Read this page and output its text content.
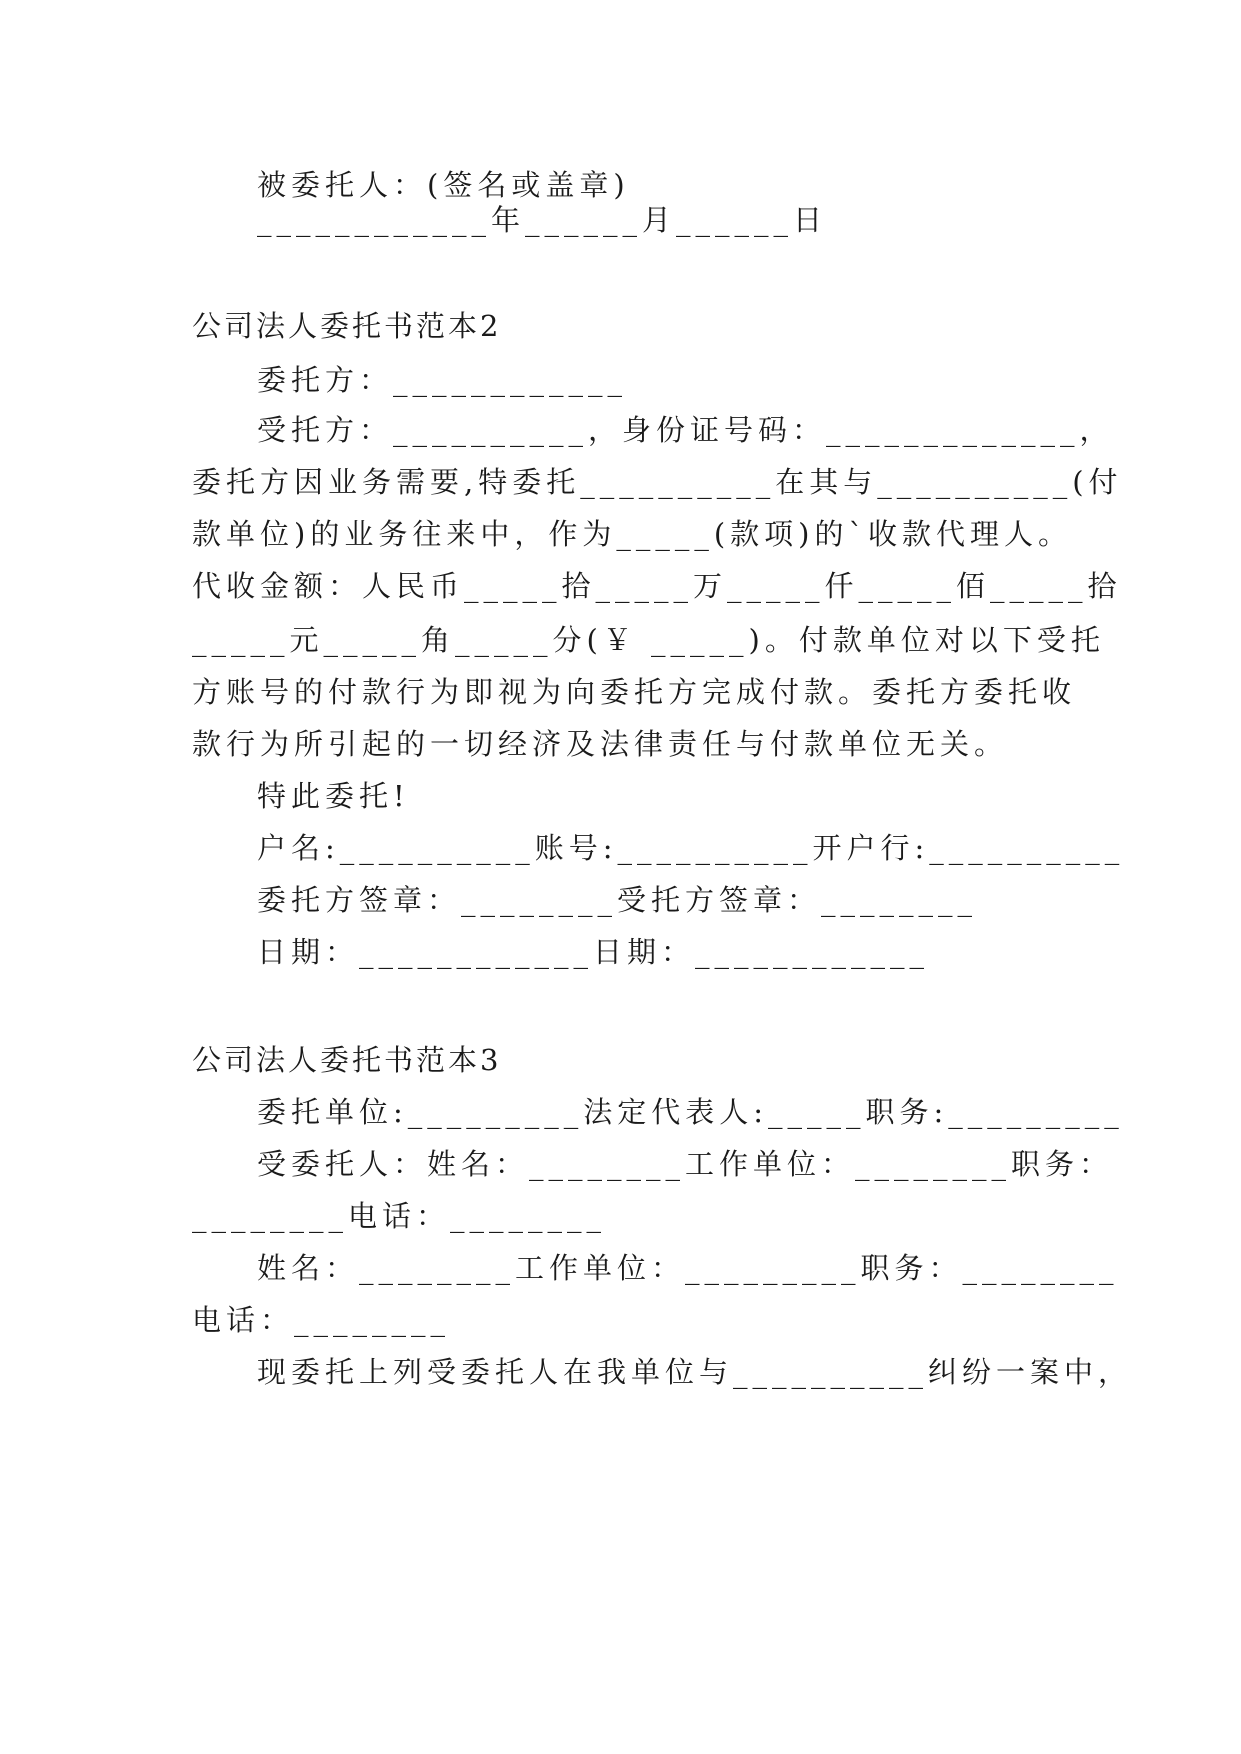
被委托人：(签名或盖章)
____________年______月______日
公司法人委托书范本2
委托方：____________
受托方：__________，身份证号码：_____________，
委托方因业务需要,特委托__________在其与__________(付
款单位)的业务往来中，作为_____(款项)的`收款代理人。
代收金额：人民币_____拾_____万_____仟_____佰_____拾
_____元_____角_____分(￥ _____)。付款单位对以下受托
方账号的付款行为即视为向委托方完成付款。委托方委托收
款行为所引起的一切经济及法律责任与付款单位无关。
特此委托!
户名:__________账号:__________开户行:__________
委托方签章：________受托方签章：________
日期：____________日期：____________
公司法人委托书范本3
委托单位:_________法定代表人:_____职务:_________
受委托人：姓名：________工作单位：________职务：
________电话：________
姓名：________工作单位：_________职务：________
电话：________
现委托上列受委托人在我单位与__________纠纷一案中，
